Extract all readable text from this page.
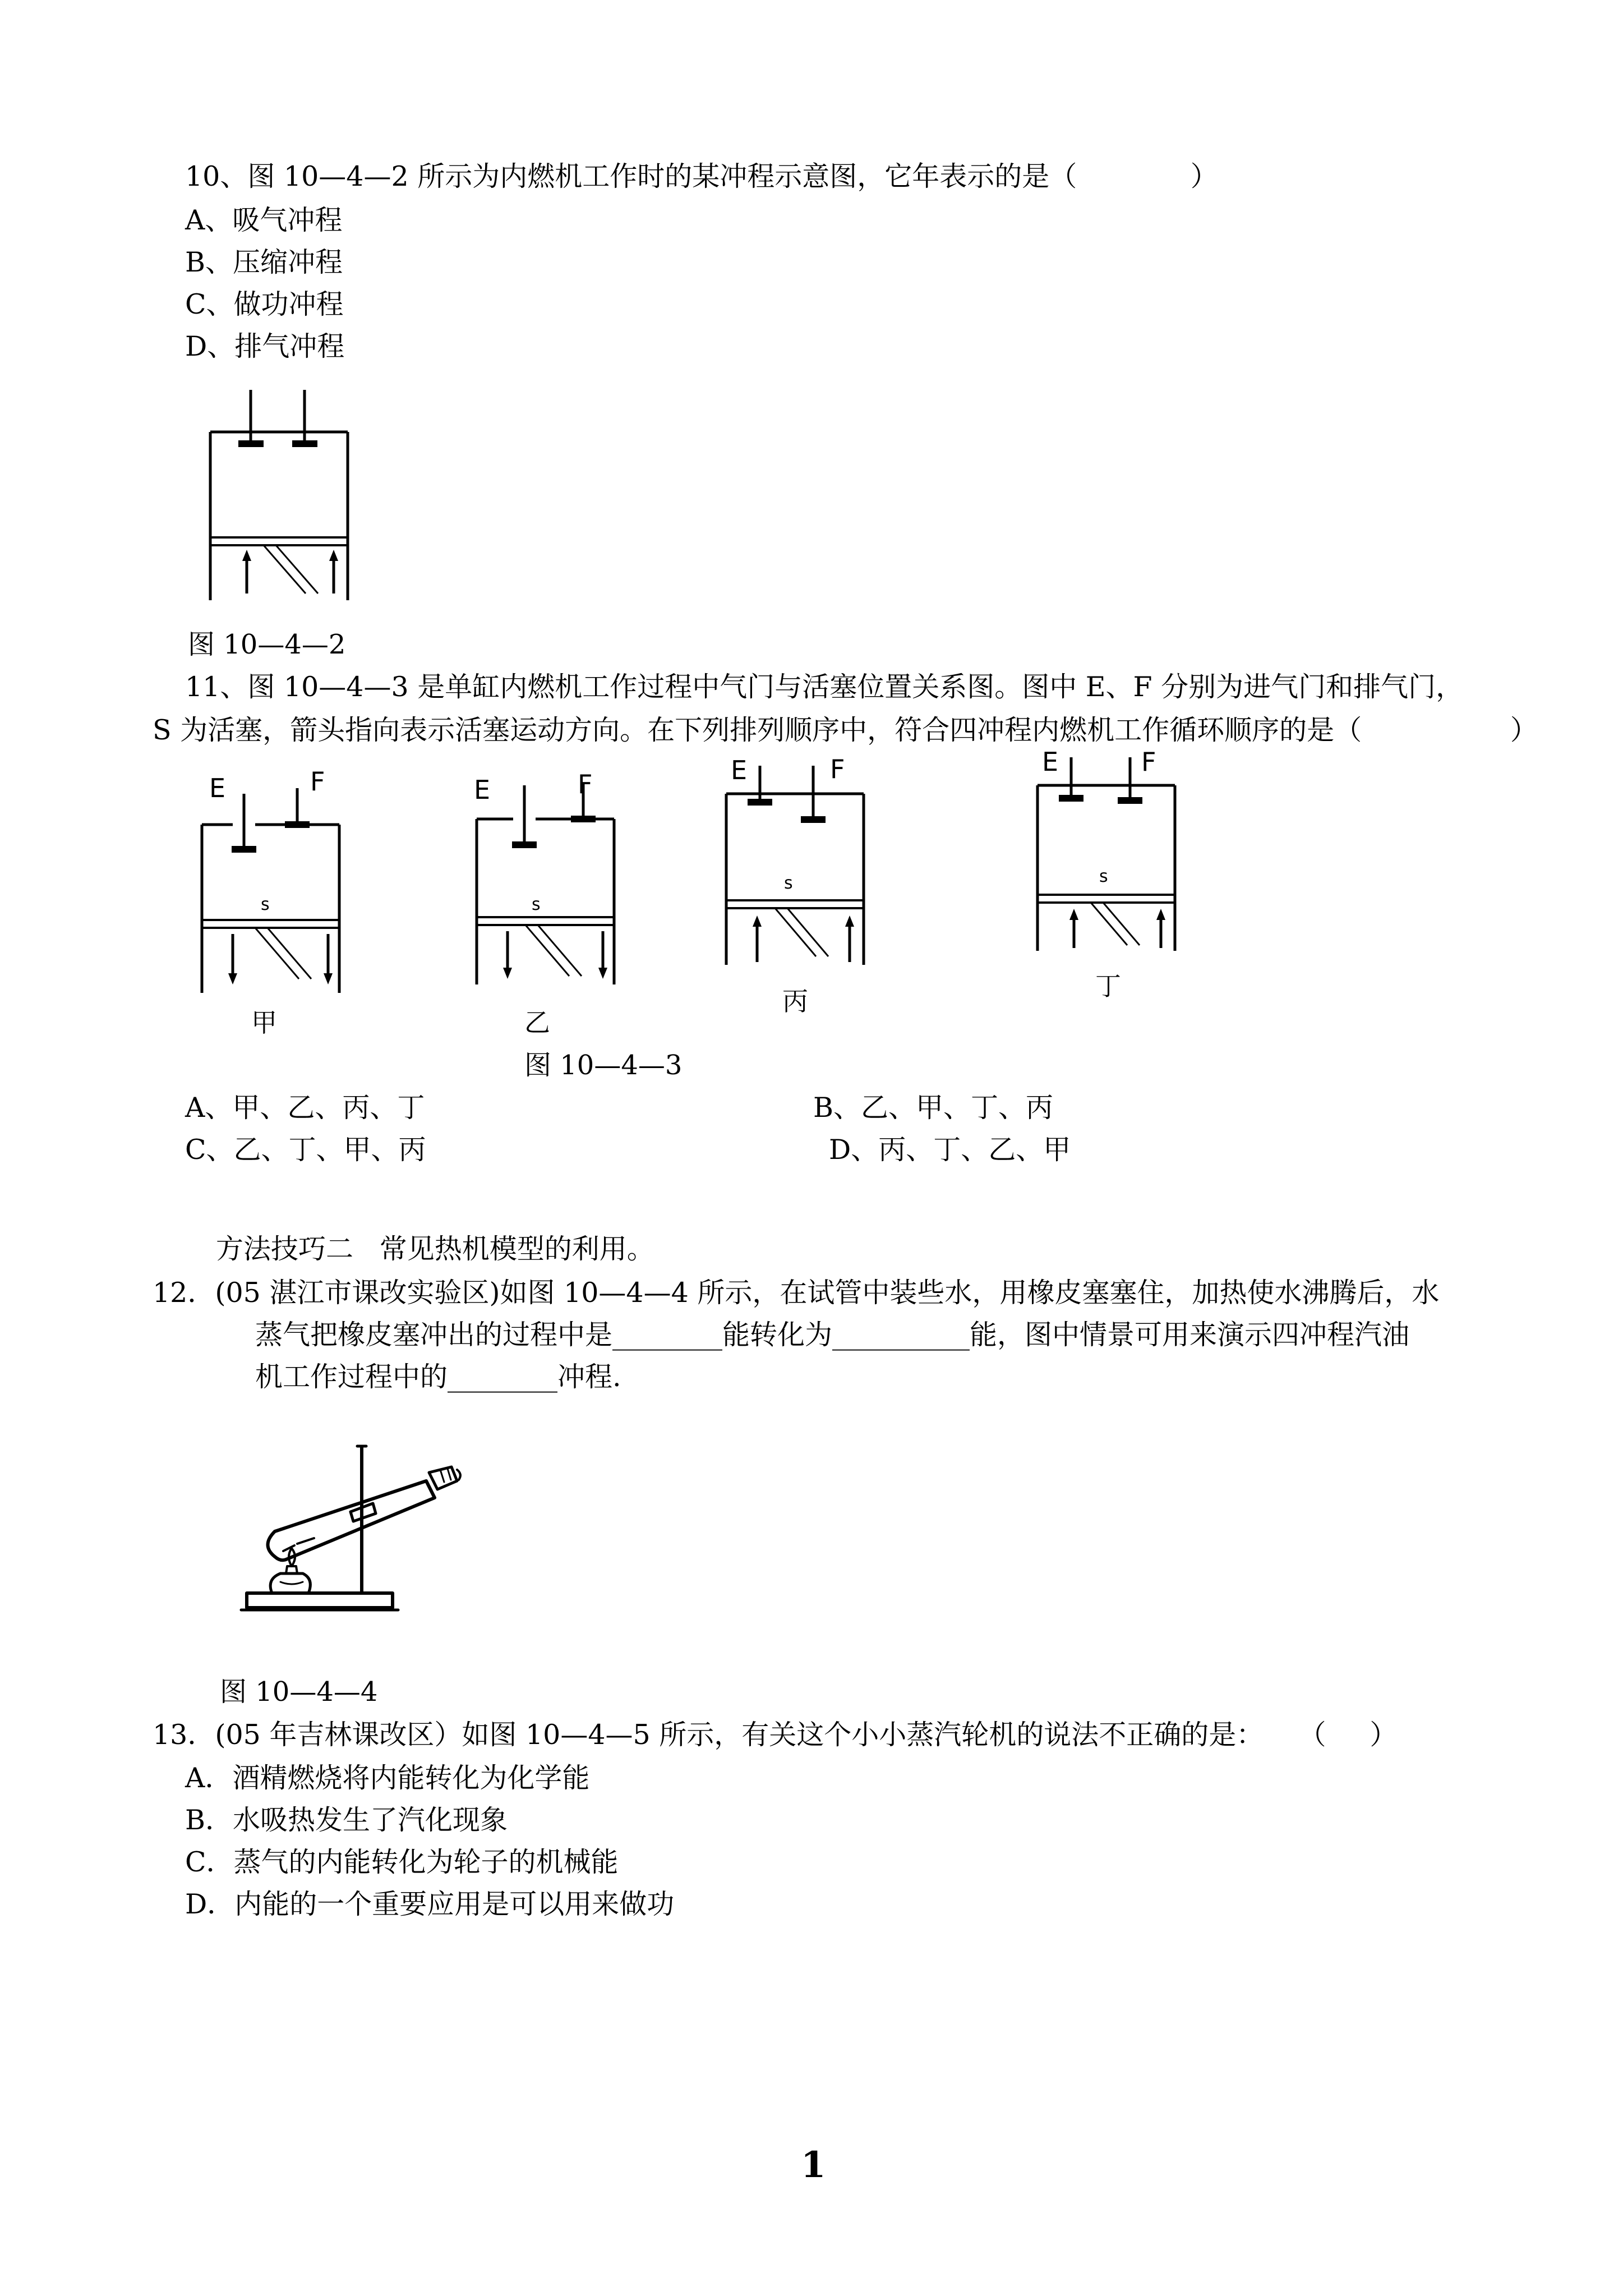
10、图 10—4—2 所示为内燃机工作时的某冲程示意图，它年表示的是（             ）
A、吸气冲程
B、压缩冲程
C、做功冲程
D、排气冲程
图 10—4—2
11、图 10—4—3 是单缸内燃机工作过程中气门与活塞位置关系图。图中 E、F 分别为进气门和排气门，
S 为活塞，箭头指向表示活塞运动方向。在下列排列顺序中，符合四冲程内燃机工作循环顺序的是（                 ）
E	F
s
甲
E	F
s
乙
E	F
s
丙
E	F
s
丁
图 10—4—3
A、甲、乙、丙、丁	B、乙、甲、丁、丙
C、乙、丁、甲、丙	D、丙、丁、乙、甲
方法技巧二   常见热机模型的利用。
12．(05 湛江市课改实验区)如图 10—4—4 所示，在试管中装些水，用橡皮塞塞住，加热使水沸腾后，水
蒸气把橡皮塞冲出的过程中是________能转化为__________能，图中情景可用来演示四冲程汽油
机工作过程中的________冲程.
图 10—4—4
13．(05 年吉林课改区）如图 10—4—5 所示，有关这个小小蒸汽轮机的说法不正确的是：    （     ）
A．酒精燃烧将内能转化为化学能
B．水吸热发生了汽化现象
C．蒸气的内能转化为轮子的机械能
D．内能的一个重要应用是可以用来做功
1
